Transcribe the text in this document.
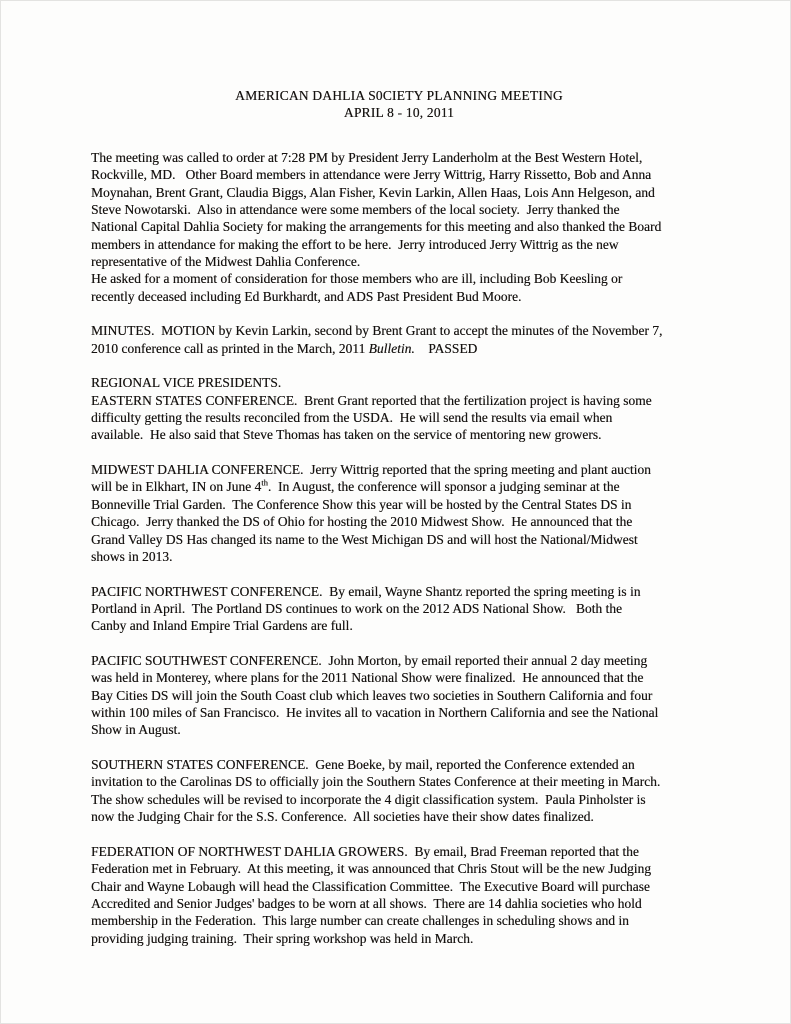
AMERICAN DAHLIA S0CIETY PLANNING MEETING
APRIL 8 - 10, 2011
The meeting was called to order at 7:28 PM by President Jerry Landerholm at the Best Western Hotel,
Rockville, MD.   Other Board members in attendance were Jerry Wittrig, Harry Rissetto, Bob and Anna
Moynahan, Brent Grant, Claudia Biggs, Alan Fisher, Kevin Larkin, Allen Haas, Lois Ann Helgeson, and
Steve Nowotarski.  Also in attendance were some members of the local society.  Jerry thanked the
National Capital Dahlia Society for making the arrangements for this meeting and also thanked the Board
members in attendance for making the effort to be here.  Jerry introduced Jerry Wittrig as the new
representative of the Midwest Dahlia Conference.
He asked for a moment of consideration for those members who are ill, including Bob Keesling or
recently deceased including Ed Burkhardt, and ADS Past President Bud Moore.
MINUTES.  MOTION by Kevin Larkin, second by Brent Grant to accept the minutes of the November 7,
2010 conference call as printed in the March, 2011 Bulletin.    PASSED
REGIONAL VICE PRESIDENTS.
EASTERN STATES CONFERENCE.  Brent Grant reported that the fertilization project is having some
difficulty getting the results reconciled from the USDA.  He will send the results via email when
available.  He also said that Steve Thomas has taken on the service of mentoring new growers.
MIDWEST DAHLIA CONFERENCE.  Jerry Wittrig reported that the spring meeting and plant auction
will be in Elkhart, IN on June 4th.  In August, the conference will sponsor a judging seminar at the
Bonneville Trial Garden.  The Conference Show this year will be hosted by the Central States DS in
Chicago.  Jerry thanked the DS of Ohio for hosting the 2010 Midwest Show.  He announced that the
Grand Valley DS Has changed its name to the West Michigan DS and will host the National/Midwest
shows in 2013.
PACIFIC NORTHWEST CONFERENCE.  By email, Wayne Shantz reported the spring meeting is in
Portland in April.  The Portland DS continues to work on the 2012 ADS National Show.   Both the
Canby and Inland Empire Trial Gardens are full.
PACIFIC SOUTHWEST CONFERENCE.  John Morton, by email reported their annual 2 day meeting
was held in Monterey, where plans for the 2011 National Show were finalized.  He announced that the
Bay Cities DS will join the South Coast club which leaves two societies in Southern California and four
within 100 miles of San Francisco.  He invites all to vacation in Northern California and see the National
Show in August.
SOUTHERN STATES CONFERENCE.  Gene Boeke, by mail, reported the Conference extended an
invitation to the Carolinas DS to officially join the Southern States Conference at their meeting in March.
The show schedules will be revised to incorporate the 4 digit classification system.  Paula Pinholster is
now the Judging Chair for the S.S. Conference.  All societies have their show dates finalized.
FEDERATION OF NORTHWEST DAHLIA GROWERS.  By email, Brad Freeman reported that the
Federation met in February.  At this meeting, it was announced that Chris Stout will be the new Judging
Chair and Wayne Lobaugh will head the Classification Committee.  The Executive Board will purchase
Accredited and Senior Judges' badges to be worn at all shows.  There are 14 dahlia societies who hold
membership in the Federation.  This large number can create challenges in scheduling shows and in
providing judging training.  Their spring workshop was held in March.
